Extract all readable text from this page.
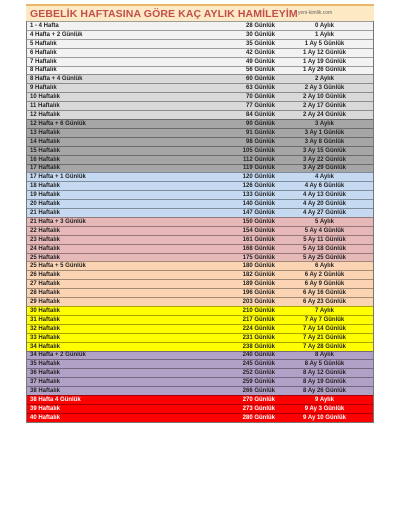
GEBELİK HAFTASINA GÖRE KAÇ AYLIK HAMİLEYİM yeni-kimlik.com
1 - 4 Hafta	28 Günlük	0 Aylık
4 Hafta + 2 Günlük	30 Günlük	1 Aylık
5 Haftalık	35 Günlük	1 Ay 5 Günlük
6 Haftalık	42 Günlük	1 Ay 12 Günlük
7 Haftalık	49 Günlük	1 Ay 19 Günlük
8 Haftalık	56 Günlük	1 Ay 26 Günlük
8 Hafta + 4 Günlük	60 Günlük	2 Aylık
9 Haftalık	63 Günlük	2 Ay 3 Günlük
10 Haftalık	70 Günlük	2 Ay 10 Günlük
11 Haftalık	77 Günlük	2 Ay 17 Günlük
12 Haftalık	84 Günlük	2 Ay 24 Günlük
12 Hafta + 6 Günlük	90 Günlük	3 Aylık
13 Haftalık	91 Günlük	3 Ay 1 Günlük
14 Haftalık	98 Günlük	3 Ay 8 Günlük
15 Haftalık	105 Günlük	3 Ay 15 Günlük
16 Haftalık	112 Günlük	3 Ay 22 Günlük
17 Haftalık	119 Günlük	3 Ay 29 Günlük
17 Hafta + 1 Günlük	120 Günlük	4 Aylık
18 Haftalık	126 Günlük	4 Ay 6 Günlük
19 Haftalık	133 Günlük	4 Ay 13 Günlük
20 Haftalık	140 Günlük	4 Ay 20 Günlük
21 Haftalık	147 Günlük	4 Ay 27 Günlük
21 Hafta + 3 Günlük	150 Günlük	5 Aylık
22 Haftalık	154 Günlük	5 Ay 4 Günlük
23 Haftalık	161 Günlük	5 Ay 11 Günlük
24 Haftalık	168 Günlük	5 Ay 18 Günlük
25 Haftalık	175 Günlük	5 Ay 25 Günlük
25 Hafta + 5 Günlük	180 Günlük	6 Aylık
26 Haftalık	182 Günlük	6 Ay 2 Günlük
27 Haftalık	189 Günlük	6 Ay 9 Günlük
28 Haftalık	196 Günlük	6 Ay 16 Günlük
29 Haftalık	203 Günlük	6 Ay 23 Günlük
30 Haftalık	210 Günlük	7 Aylık
31 Haftalık	217 Günlük	7 Ay 7 Günlük
32 Haftalık	224 Günlük	7 Ay 14 Günlük
33 Haftalık	231 Günlük	7 Ay 21 Günlük
34 Haftalık	238 Günlük	7 Ay 28 Günlük
34 Hafta + 2 Günlük	240 Günlük	8 Aylık
35 Haftalık	245 Günlük	8 Ay 5 Günlük
36 Haftalık	252 Günlük	8 Ay 12 Günlük
37 Haftalık	259 Günlük	8 Ay 19 Günlük
38 Haftalık	266 Günlük	8 Ay 26 Günlük
38 Hafta 4 Günlük	270 Günlük	9 Aylık
39 Haftalık	273 Günlük	9 Ay 3 Günlük
40 Haftalık	280 Günlük	9 Ay 10 Günlük
